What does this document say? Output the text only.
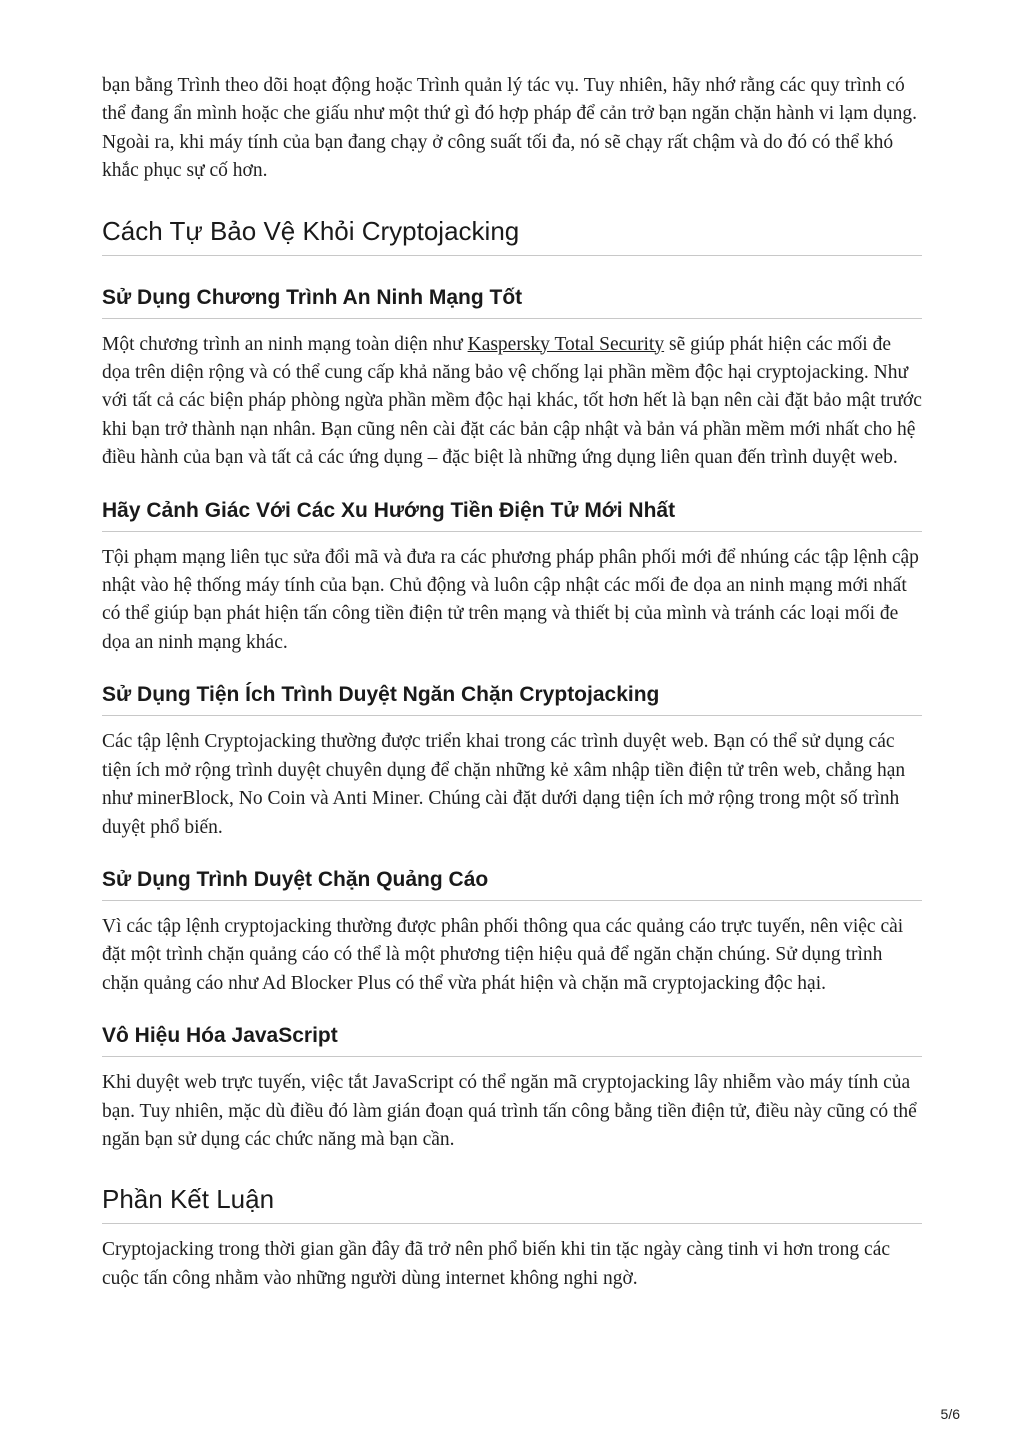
bạn bằng Trình theo dõi hoạt động hoặc Trình quản lý tác vụ. Tuy nhiên, hãy nhớ rằng các quy trình có thể đang ẩn mình hoặc che giấu như một thứ gì đó hợp pháp để cản trở bạn ngăn chặn hành vi lạm dụng. Ngoài ra, khi máy tính của bạn đang chạy ở công suất tối đa, nó sẽ chạy rất chậm và do đó có thể khó khắc phục sự cố hơn.

Cách Tự Bảo Vệ Khỏi Cryptojacking
Sử Dụng Chương Trình An Ninh Mạng Tốt

Một chương trình an ninh mạng toàn diện như Kaspersky Total Security sẽ giúp phát hiện các mối đe dọa trên diện rộng và có thể cung cấp khả năng bảo vệ chống lại phần mềm độc hại cryptojacking. Như với tất cả các biện pháp phòng ngừa phần mềm độc hại khác, tốt hơn hết là bạn nên cài đặt bảo mật trước khi bạn trở thành nạn nhân. Bạn cũng nên cài đặt các bản cập nhật và bản vá phần mềm mới nhất cho hệ điều hành của bạn và tất cả các ứng dụng – đặc biệt là những ứng dụng liên quan đến trình duyệt web.

Hãy Cảnh Giác Với Các Xu Hướng Tiền Điện Tử Mới Nhất

Tội phạm mạng liên tục sửa đổi mã và đưa ra các phương pháp phân phối mới để nhúng các tập lệnh cập nhật vào hệ thống máy tính của bạn. Chủ động và luôn cập nhật các mối đe dọa an ninh mạng mới nhất có thể giúp bạn phát hiện tấn công tiền điện tử trên mạng và thiết bị của mình và tránh các loại mối đe dọa an ninh mạng khác.

Sử Dụng Tiện Ích Trình Duyệt Ngăn Chặn Cryptojacking

Các tập lệnh Cryptojacking thường được triển khai trong các trình duyệt web. Bạn có thể sử dụng các tiện ích mở rộng trình duyệt chuyên dụng để chặn những kẻ xâm nhập tiền điện tử trên web, chẳng hạn như minerBlock, No Coin và Anti Miner. Chúng cài đặt dưới dạng tiện ích mở rộng trong một số trình duyệt phổ biến.

Sử Dụng Trình Duyệt Chặn Quảng Cáo

Vì các tập lệnh cryptojacking thường được phân phối thông qua các quảng cáo trực tuyến, nên việc cài đặt một trình chặn quảng cáo có thể là một phương tiện hiệu quả để ngăn chặn chúng. Sử dụng trình chặn quảng cáo như Ad Blocker Plus có thể vừa phát hiện và chặn mã cryptojacking độc hại.

Vô Hiệu Hóa JavaScript

Khi duyệt web trực tuyến, việc tắt JavaScript có thể ngăn mã cryptojacking lây nhiễm vào máy tính của bạn. Tuy nhiên, mặc dù điều đó làm gián đoạn quá trình tấn công bằng tiền điện tử, điều này cũng có thể ngăn bạn sử dụng các chức năng mà bạn cần.

Phần Kết Luận

Cryptojacking trong thời gian gần đây đã trở nên phổ biến khi tin tặc ngày càng tinh vi hơn trong các cuộc tấn công nhằm vào những người dùng internet không nghi ngờ.

5/6
